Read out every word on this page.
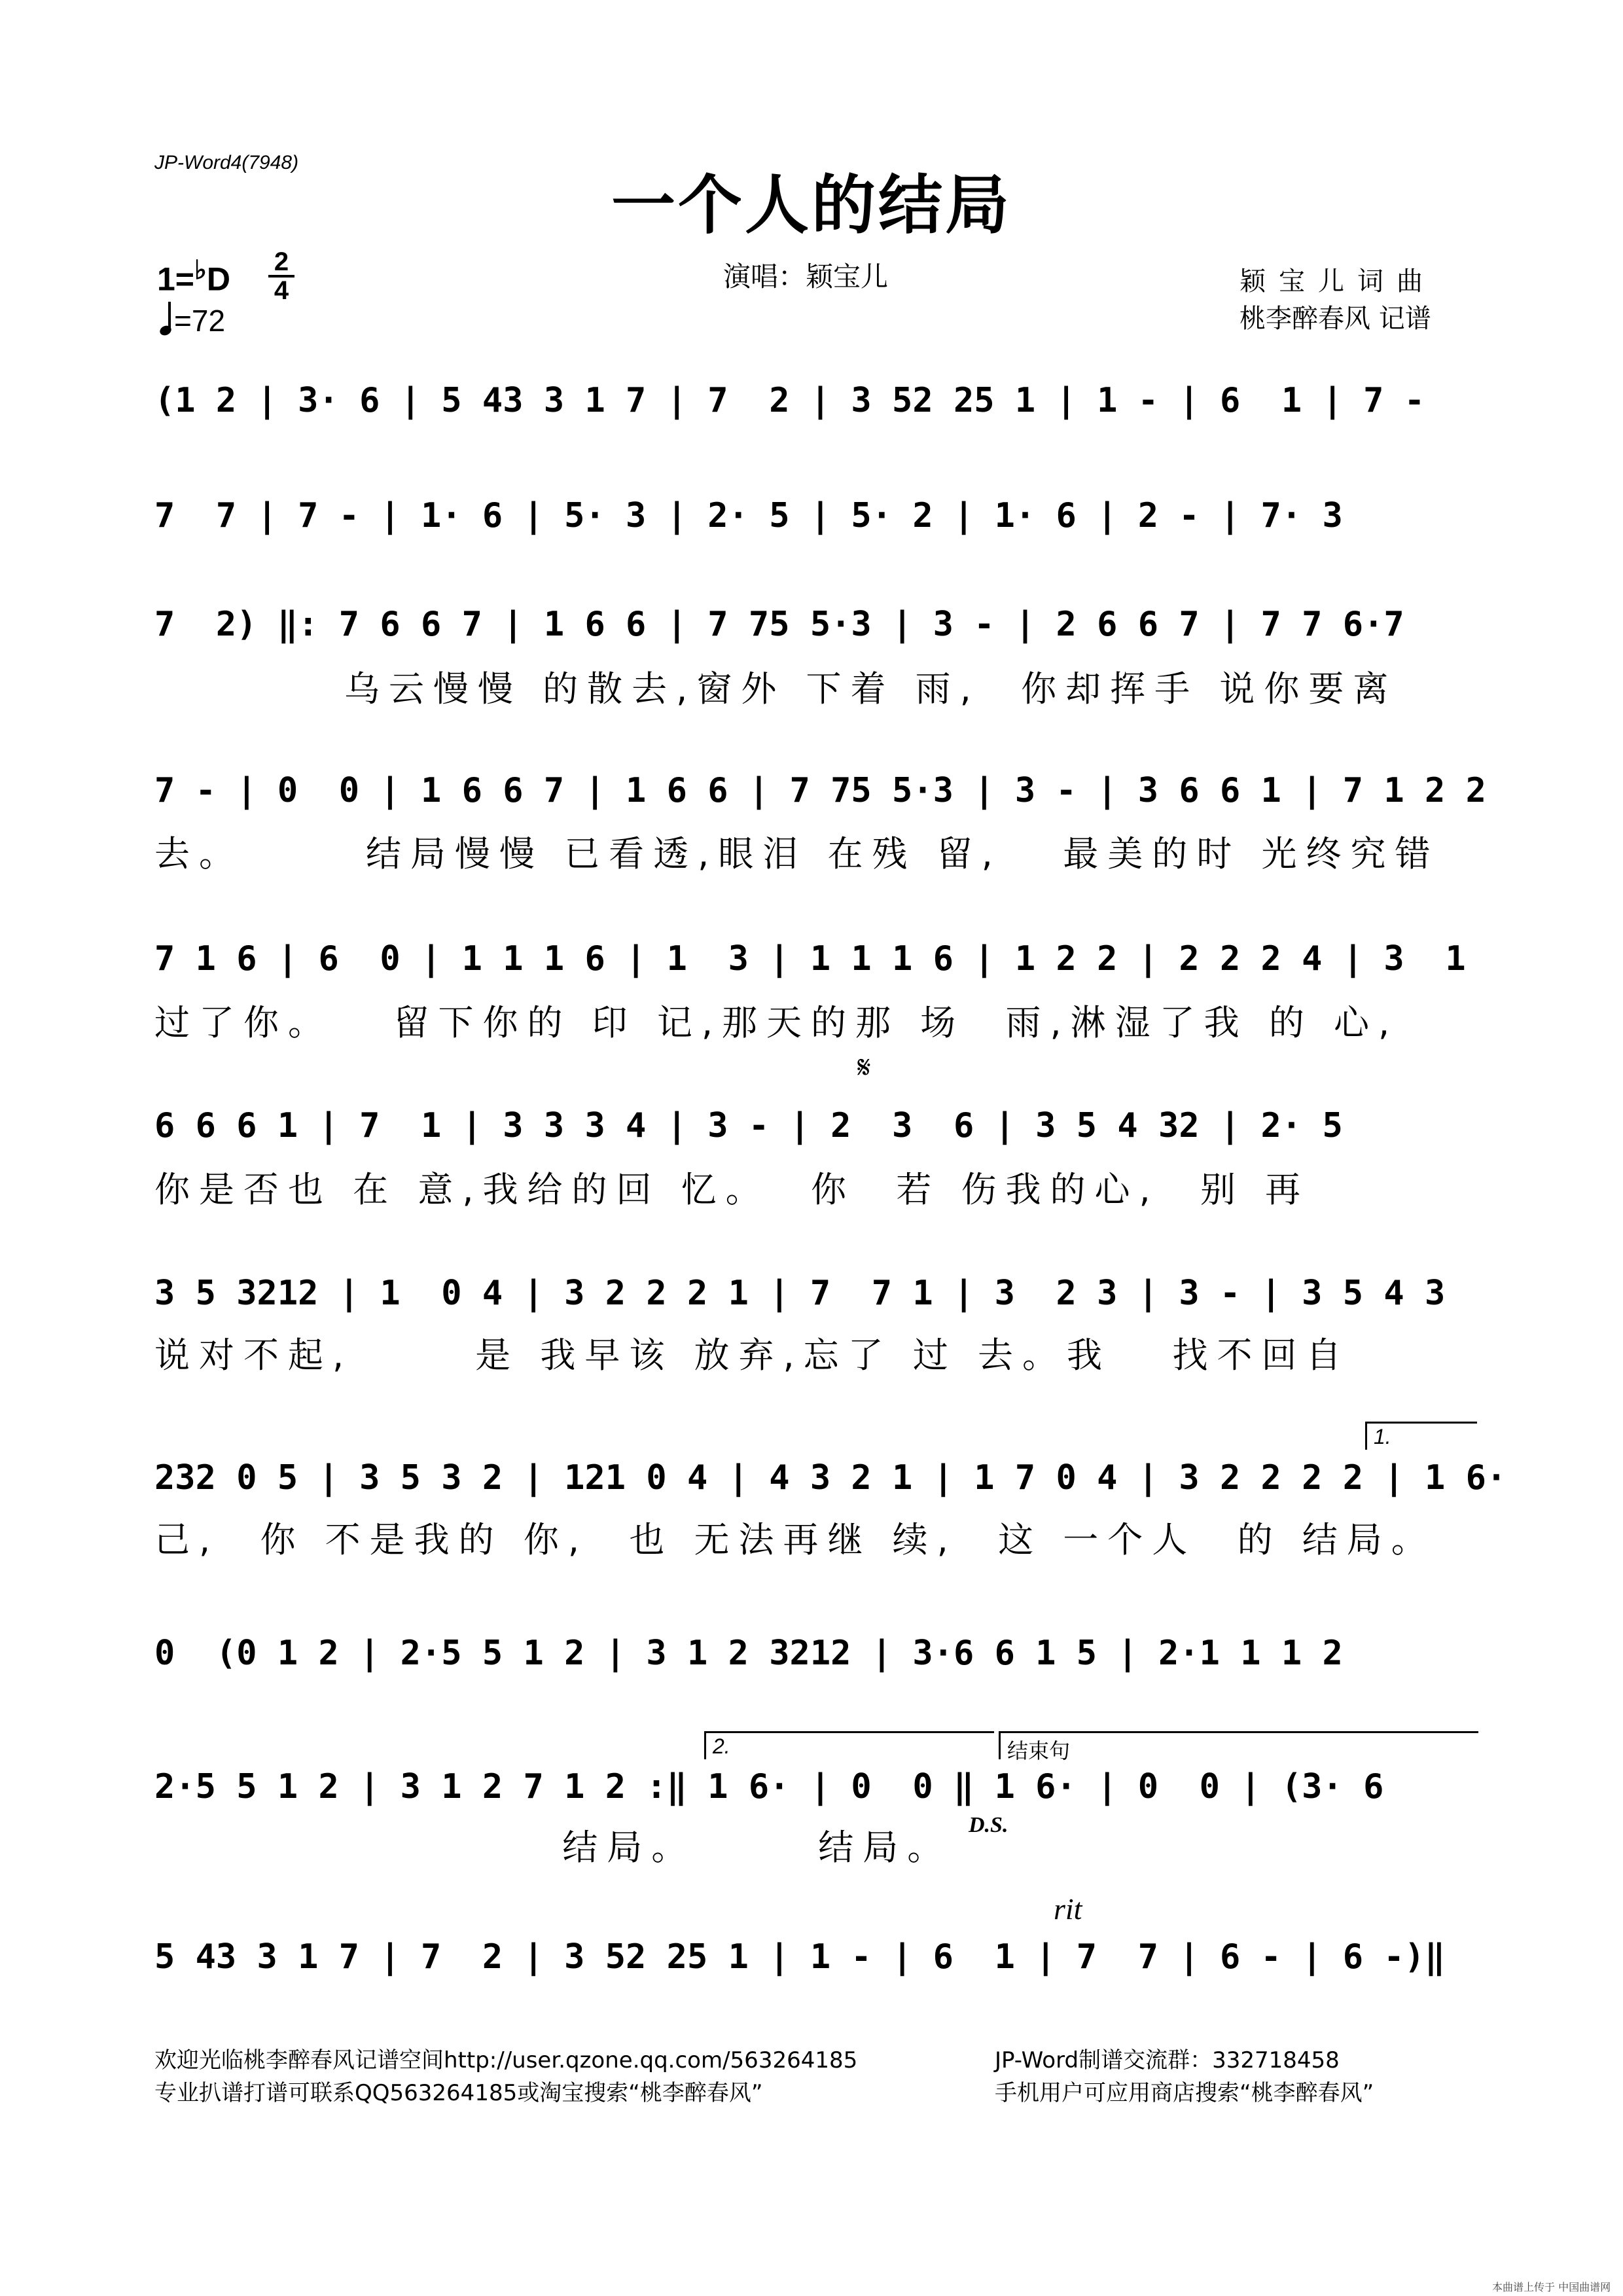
JP-Word4(7948)
一个人的结局
1=♭D 2
4
=72
演唱：颖宝儿	颖宝儿词曲
桃李醉春风 记谱
(1 2 | 3· 6 | 5 43 3 1 7 | 7  2 | 3 52 25 1 | 1 - | 6  1 | 7 -
7  7 | 7 - | 1· 6 | 5· 3 | 2· 5 | 5· 2 | 1· 6 | 2 - | 7· 3
7  2) ‖: 7 6 6 7 | 1 6 6 | 7 75 5·3 | 3 - | 2 6 6 7 | 7 7 6·7
乌云慢慢 的散去,窗外 下着 雨,  你却挥手 说你要离
7 - | 0  0 | 1 6 6 7 | 1 6 6 | 7 75 5·3 | 3 - | 3 6 6 1 | 7 1 2 2
去。      结局慢慢 已看透,眼泪 在残 留,   最美的时 光终究错
7 1 6 | 6  0 | 1 1 1 6 | 1  3 | 1 1 1 6 | 1 2 2 | 2 2 2 4 | 3  1
过了你。   留下你的 印 记,那天的那 场  雨,淋湿了我 的 心,
𝄋
6 6 6 1 | 7  1 | 3 3 3 4 | 3 - | 2  3  6 | 3 5 4 32 | 2· 5
你是否也 在 意,我给的回 忆。  你  若 伤我的心,  别 再
3 5 3212 | 1  0 4 | 3 2 2 2 1 | 7  7 1 | 3  2 3 | 3 - | 3 5 4 3
说对不起,      是 我早该 放弃,忘了 过 去。我   找不回自
1.
232 0 5 | 3 5 3 2 | 121 0 4 | 4 3 2 1 | 1 7 0 4 | 3 2 2 2 2 | 1 6·
己,  你 不是我的 你,  也 无法再继 续,  这 一个人  的 结局。
0  (0 1 2 | 2·5 5 1 2 | 3 1 2 3212 | 3·6 6 1 5 | 2·1 1 1 2
2.	结束句
2·5 5 1 2 | 3 1 2 7 1 2 :‖ 1 6· | 0  0 ‖ 1 6· | 0  0 | (3· 6
结局。      结局。
D.S.
rit
5 43 3 1 7 | 7  2 | 3 52 25 1 | 1 - | 6  1 | 7  7 | 6 - | 6 -)‖
欢迎光临桃李醉春风记谱空间http://user.qzone.qq.com/563264185
专业扒谱打谱可联系QQ563264185或淘宝搜索“桃李醉春风”
JP-Word制谱交流群：332718458
手机用户可应用商店搜索“桃李醉春风”
本曲谱上传于 中国曲谱网
